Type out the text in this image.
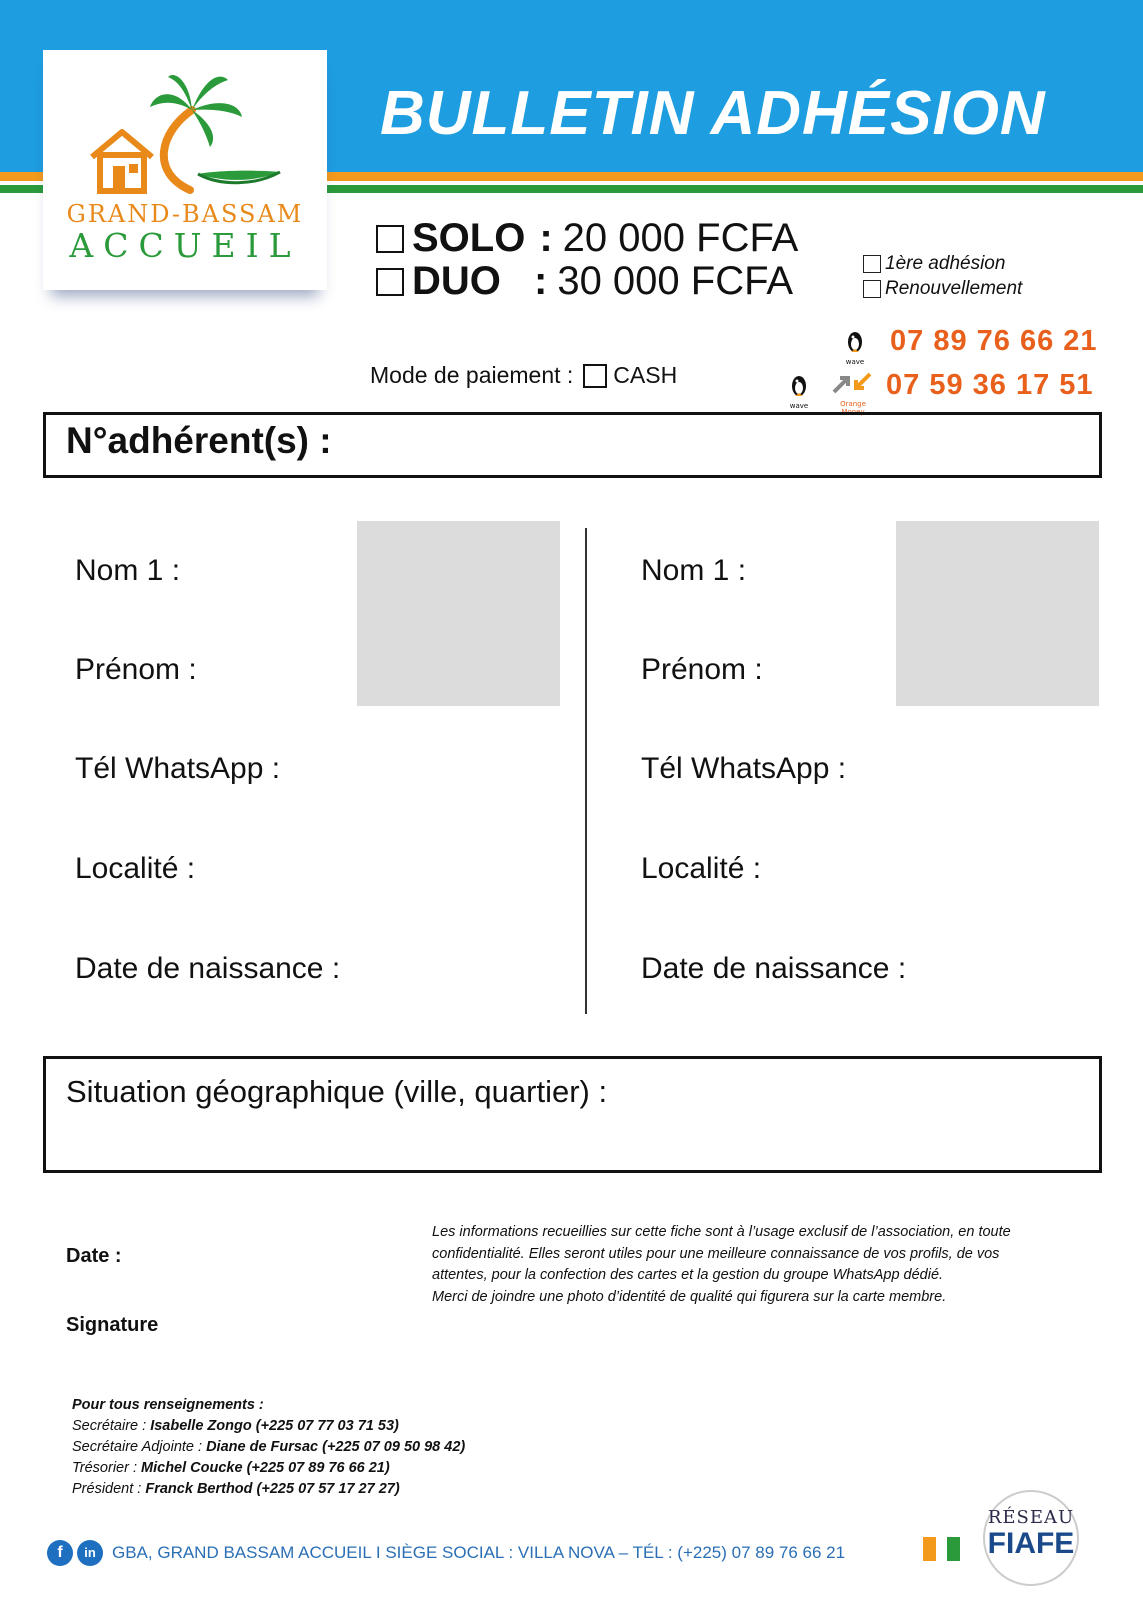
BULLETIN ADHÉSION
GRAND-BASSAM
ACCUEIL	SOLO : 20 000 FCFA
DUO : 30 000 FCFA	1ère adhésion
Renouvellement
Mode de paiement : CASH	wave
07 89 76 66 21
wave	Orange Money
07 59 36 17 51
N°adhérent(s) :
Nom 1 :
Prénom :
Tél WhatsApp :
Localité :
Date de naissance :
Nom 1 :
Prénom :
Tél WhatsApp :
Localité :
Date de naissance :
Situation géographique (ville, quartier) :
Date :
Signature
Les informations recueillies sur cette fiche sont à l’usage exclusif de l’association, en toute
confidentialité. Elles seront utiles pour une meilleure connaissance de vos profils, de vos
attentes, pour la confection des cartes et la gestion du groupe WhatsApp dédié.
Merci de joindre une photo d’identité de qualité qui figurera sur la carte membre.
Pour tous renseignements :
Secrétaire : Isabelle Zongo (+225 07 77 03 71 53)
Secrétaire Adjointe : Diane de Fursac (+225 07 09 50 98 42)
Trésorier : Michel Coucke (+225 07 89 76 66 21)
Président : Franck Berthod (+225 07 57 17 27 27)
f	in GBA, GRAND BASSAM ACCUEIL I SIÈGE SOCIAL : VILLA NOVA – TÉL : (+225) 07 89 76 66 21
RÉSEAU
FIAFE
